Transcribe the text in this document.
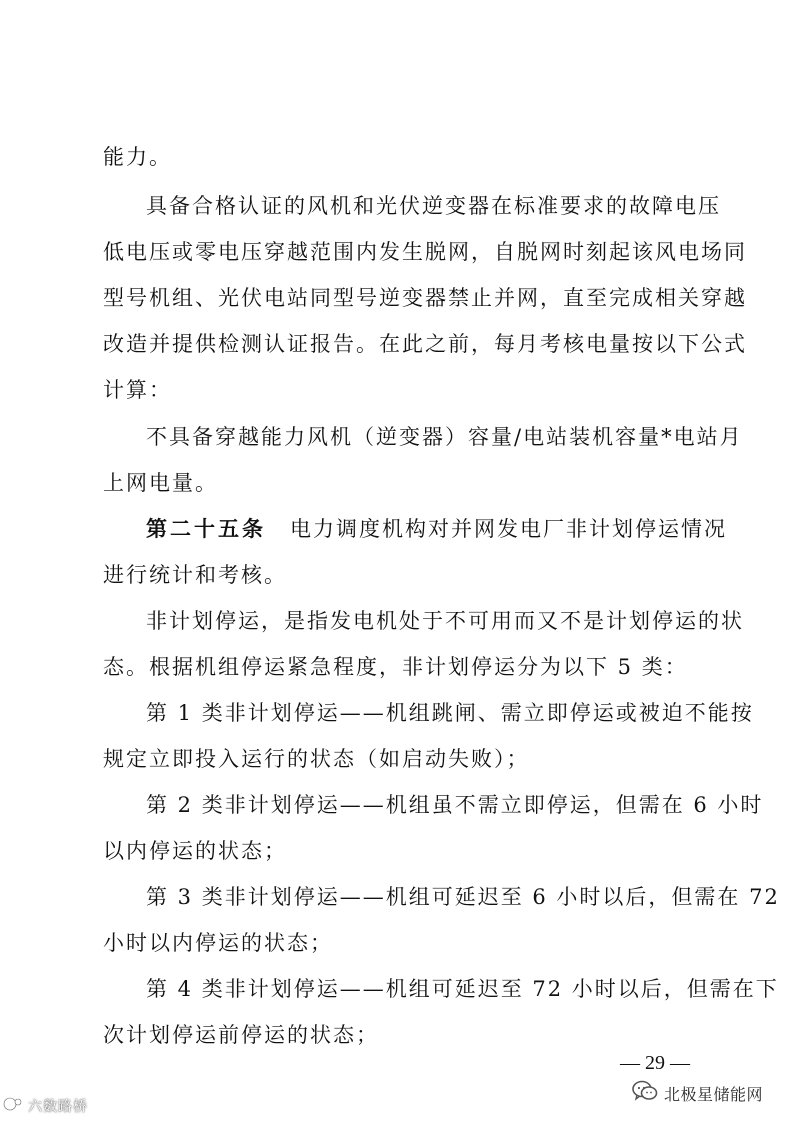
能力。
具备合格认证的风机和光伏逆变器在标准要求的故障电压
低电压或零电压穿越范围内发生脱网，自脱网时刻起该风电场同
型号机组、光伏电站同型号逆变器禁止并网，直至完成相关穿越
改造并提供检测认证报告。在此之前，每月考核电量按以下公式
计算：
不具备穿越能力风机（逆变器）容量/电站装机容量*电站月
上网电量。
第二十五条 电力调度机构对并网发电厂非计划停运情况
进行统计和考核。
非计划停运，是指发电机处于不可用而又不是计划停运的状
态。根据机组停运紧急程度，非计划停运分为以下 5 类：
第 1 类非计划停运——机组跳闸、需立即停运或被迫不能按
规定立即投入运行的状态（如启动失败）；
第 2 类非计划停运——机组虽不需立即停运，但需在 6 小时
以内停运的状态；
第 3 类非计划停运——机组可延迟至 6 小时以后，但需在 72
小时以内停运的状态；
第 4 类非计划停运——机组可延迟至 72 小时以后，但需在下
次计划停运前停运的状态；
— 29 —
北极星储能网
六数路桥
